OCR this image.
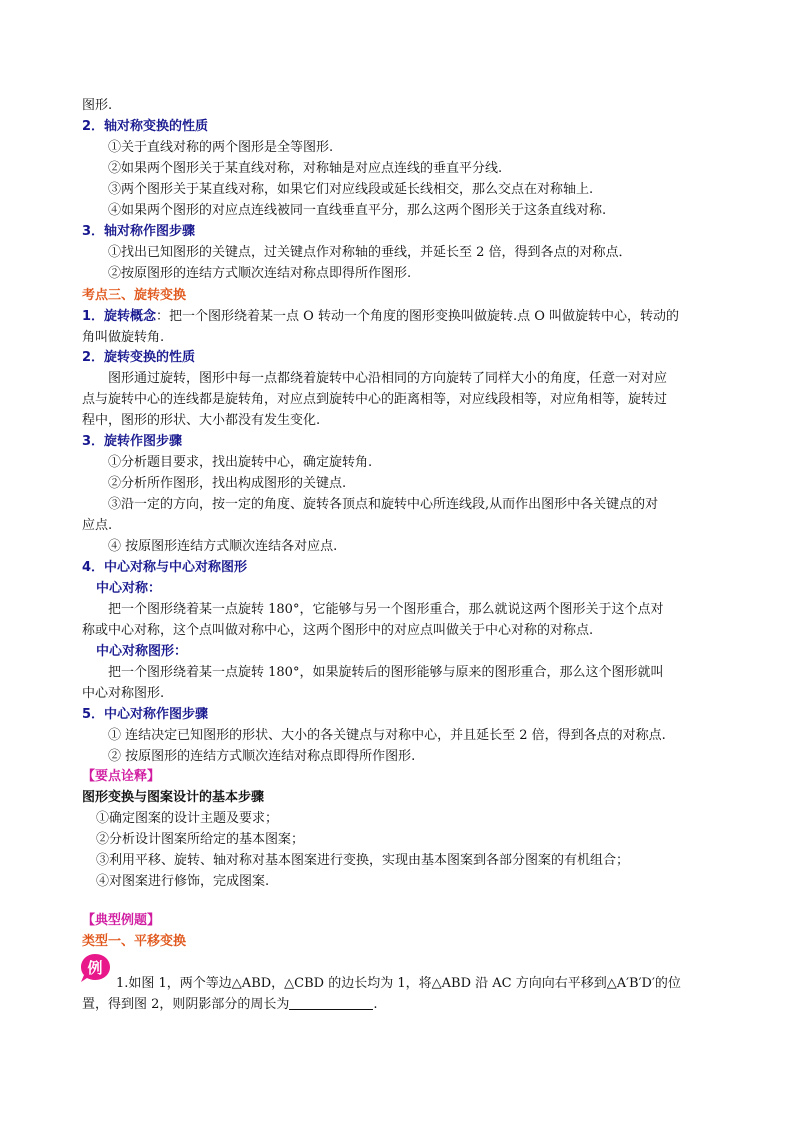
图形.
2．轴对称变换的性质
①关于直线对称的两个图形是全等图形.
②如果两个图形关于某直线对称，对称轴是对应点连线的垂直平分线.
③两个图形关于某直线对称，如果它们对应线段或延长线相交，那么交点在对称轴上.
④如果两个图形的对应点连线被同一直线垂直平分，那么这两个图形关于这条直线对称.
3．轴对称作图步骤
①找出已知图形的关键点，过关键点作对称轴的垂线，并延长至 2 倍，得到各点的对称点．
②按原图形的连结方式顺次连结对称点即得所作图形.
考点三、旋转变换
1．旋转概念：把一个图形绕着某一点 O 转动一个角度的图形变换叫做旋转.点 O 叫做旋转中心，转动的
角叫做旋转角.
2．旋转变换的性质
图形通过旋转，图形中每一点都绕着旋转中心沿相同的方向旋转了同样大小的角度，任意一对对应
点与旋转中心的连线都是旋转角，对应点到旋转中心的距离相等，对应线段相等，对应角相等，旋转过
程中，图形的形状、大小都没有发生变化.
3．旋转作图步骤
①分析题目要求，找出旋转中心，确定旋转角.
②分析所作图形，找出构成图形的关键点.
③沿一定的方向，按一定的角度、旋转各顶点和旋转中心所连线段,从而作出图形中各关键点的对
应点.
④ 按原图形连结方式顺次连结各对应点.
4．中心对称与中心对称图形
中心对称：
把一个图形绕着某一点旋转 180°，它能够与另一个图形重合，那么就说这两个图形关于这个点对
称或中心对称，这个点叫做对称中心，这两个图形中的对应点叫做关于中心对称的对称点.
中心对称图形：
把一个图形绕着某一点旋转 180°，如果旋转后的图形能够与原来的图形重合，那么这个图形就叫
中心对称图形.
5．中心对称作图步骤
① 连结决定已知图形的形状、大小的各关键点与对称中心，并且延长至 2 倍，得到各点的对称点.
② 按原图形的连结方式顺次连结对称点即得所作图形.
【要点诠释】
图形变换与图案设计的基本步骤
①确定图案的设计主题及要求；
②分析设计图案所给定的基本图案；
③利用平移、旋转、轴对称对基本图案进行变换，实现由基本图案到各部分图案的有机组合；
④对图案进行修饰，完成图案.
【典型例题】
类型一、平移变换
例
1.如图 1，两个等边△ABD，△CBD 的边长均为 1，将△ABD 沿 AC 方向向右平移到△A′B′D′的位
置，得到图 2，则阴影部分的周长为	.
